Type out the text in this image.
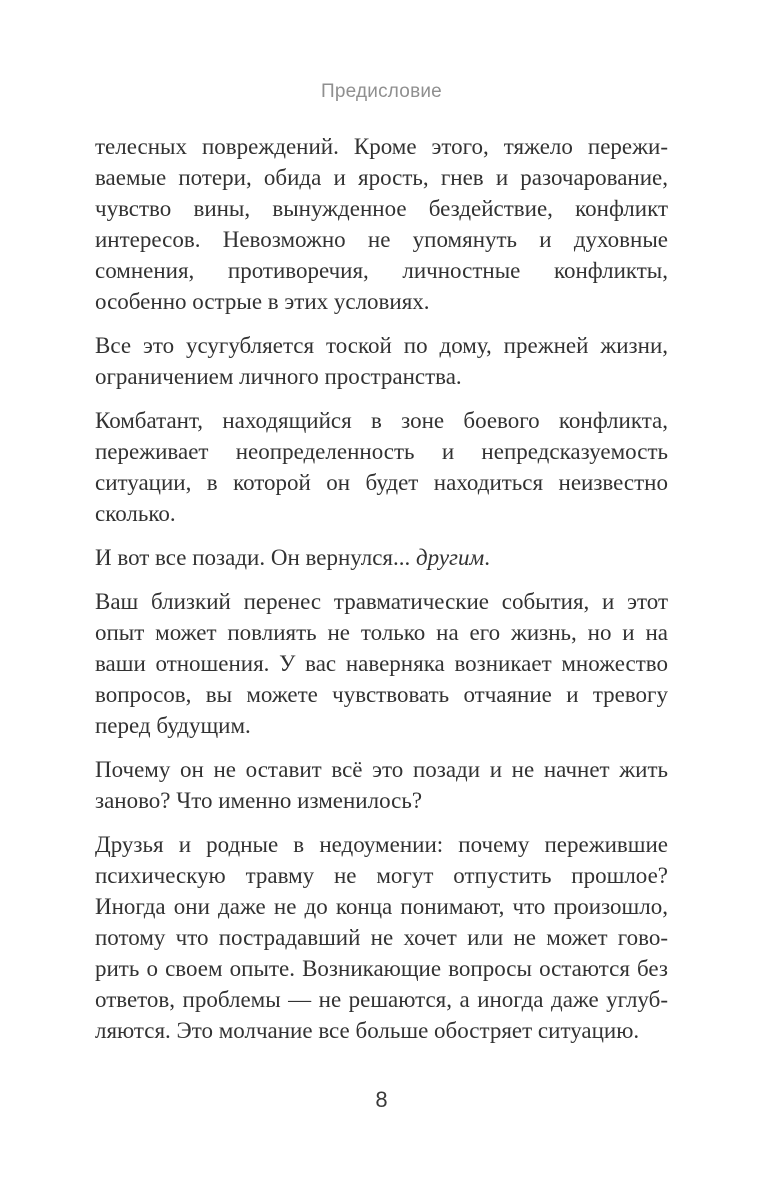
Предисловие
телесных повреждений. Кроме этого, тяжело пережи-
ваемые потери, обида и ярость, гнев и разочарование,
чувство вины, вынужденное бездействие, конфликт
интересов. Невозможно не упомянуть и духовные
сомнения, противоречия, личностные конфликты,
особенно острые в этих условиях.
Все это усугубляется тоской по дому, прежней жизни,
ограничением личного пространства.
Комбатант, находящийся в зоне боевого конфликта,
переживает неопределенность и непредсказуемость
ситуации, в которой он будет находиться неизвестно
сколько.
И вот все позади. Он вернулся... другим.
Ваш близкий перенес травматические события, и этот
опыт может повлиять не только на его жизнь, но и на
ваши отношения. У вас наверняка возникает множество
вопросов, вы можете чувствовать отчаяние и тревогу
перед будущим.
Почему он не оставит всё это позади и не начнет жить
заново? Что именно изменилось?
Друзья и родные в недоумении: почему пережившие
психическую травму не могут отпустить прошлое?
Иногда они даже не до конца понимают, что произошло,
потому что пострадавший не хочет или не может гово-
рить о своем опыте. Возникающие вопросы остаются без
ответов, проблемы — не решаются, а иногда даже углуб-
ляются. Это молчание все больше обостряет ситуацию.
8
